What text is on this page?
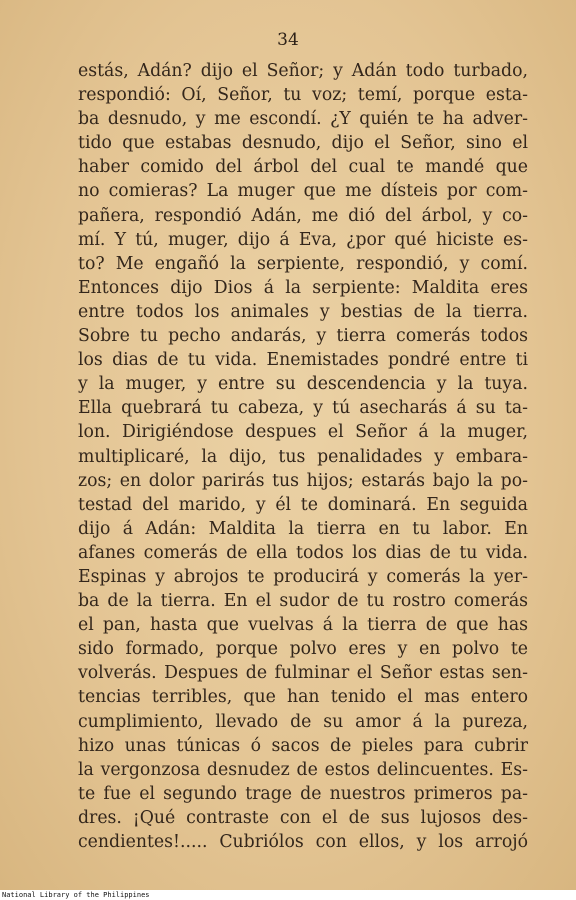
34
estás, Adán? dijo el Señor; y Adán todo turbado,
respondió: Oí, Señor, tu voz; temí, porque esta-
ba desnudo, y me escondí. ¿Y quién te ha adver-
tido que estabas desnudo, dijo el Señor, sino el
haber comido del árbol del cual te mandé que
no comieras? La muger que me dísteis por com-
pañera, respondió Adán, me dió del árbol, y co-
mí. Y tú, muger, dijo á Eva, ¿por qué hiciste es-
to? Me engañó la serpiente, respondió, y comí.
Entonces dijo Dios á la serpiente: Maldita eres
entre todos los animales y bestias de la tierra.
Sobre tu pecho andarás, y tierra comerás todos
los dias de tu vida. Enemistades pondré entre ti
y la muger, y entre su descendencia y la tuya.
Ella quebrará tu cabeza, y tú asecharás á su ta-
lon. Dirigiéndose despues el Señor á la muger,
multiplicaré, la dijo, tus penalidades y embara-
zos; en dolor parirás tus hijos; estarás bajo la po-
testad del marido, y él te dominará. En seguida
dijo á Adán: Maldita la tierra en tu labor. En
afanes comerás de ella todos los dias de tu vida.
Espinas y abrojos te producirá y comerás la yer-
ba de la tierra. En el sudor de tu rostro comerás
el pan, hasta que vuelvas á la tierra de que has
sido formado, porque polvo eres y en polvo te
volverás. Despues de fulminar el Señor estas sen-
tencias terribles, que han tenido el mas entero
cumplimiento, llevado de su amor á la pureza,
hizo unas túnicas ó sacos de pieles para cubrir
la vergonzosa desnudez de estos delincuentes. Es-
te fue el segundo trage de nuestros primeros pa-
dres. ¡Qué contraste con el de sus lujosos des-
cendientes!..... Cubriólos con ellos, y los arrojó
National Library of the Philippines
